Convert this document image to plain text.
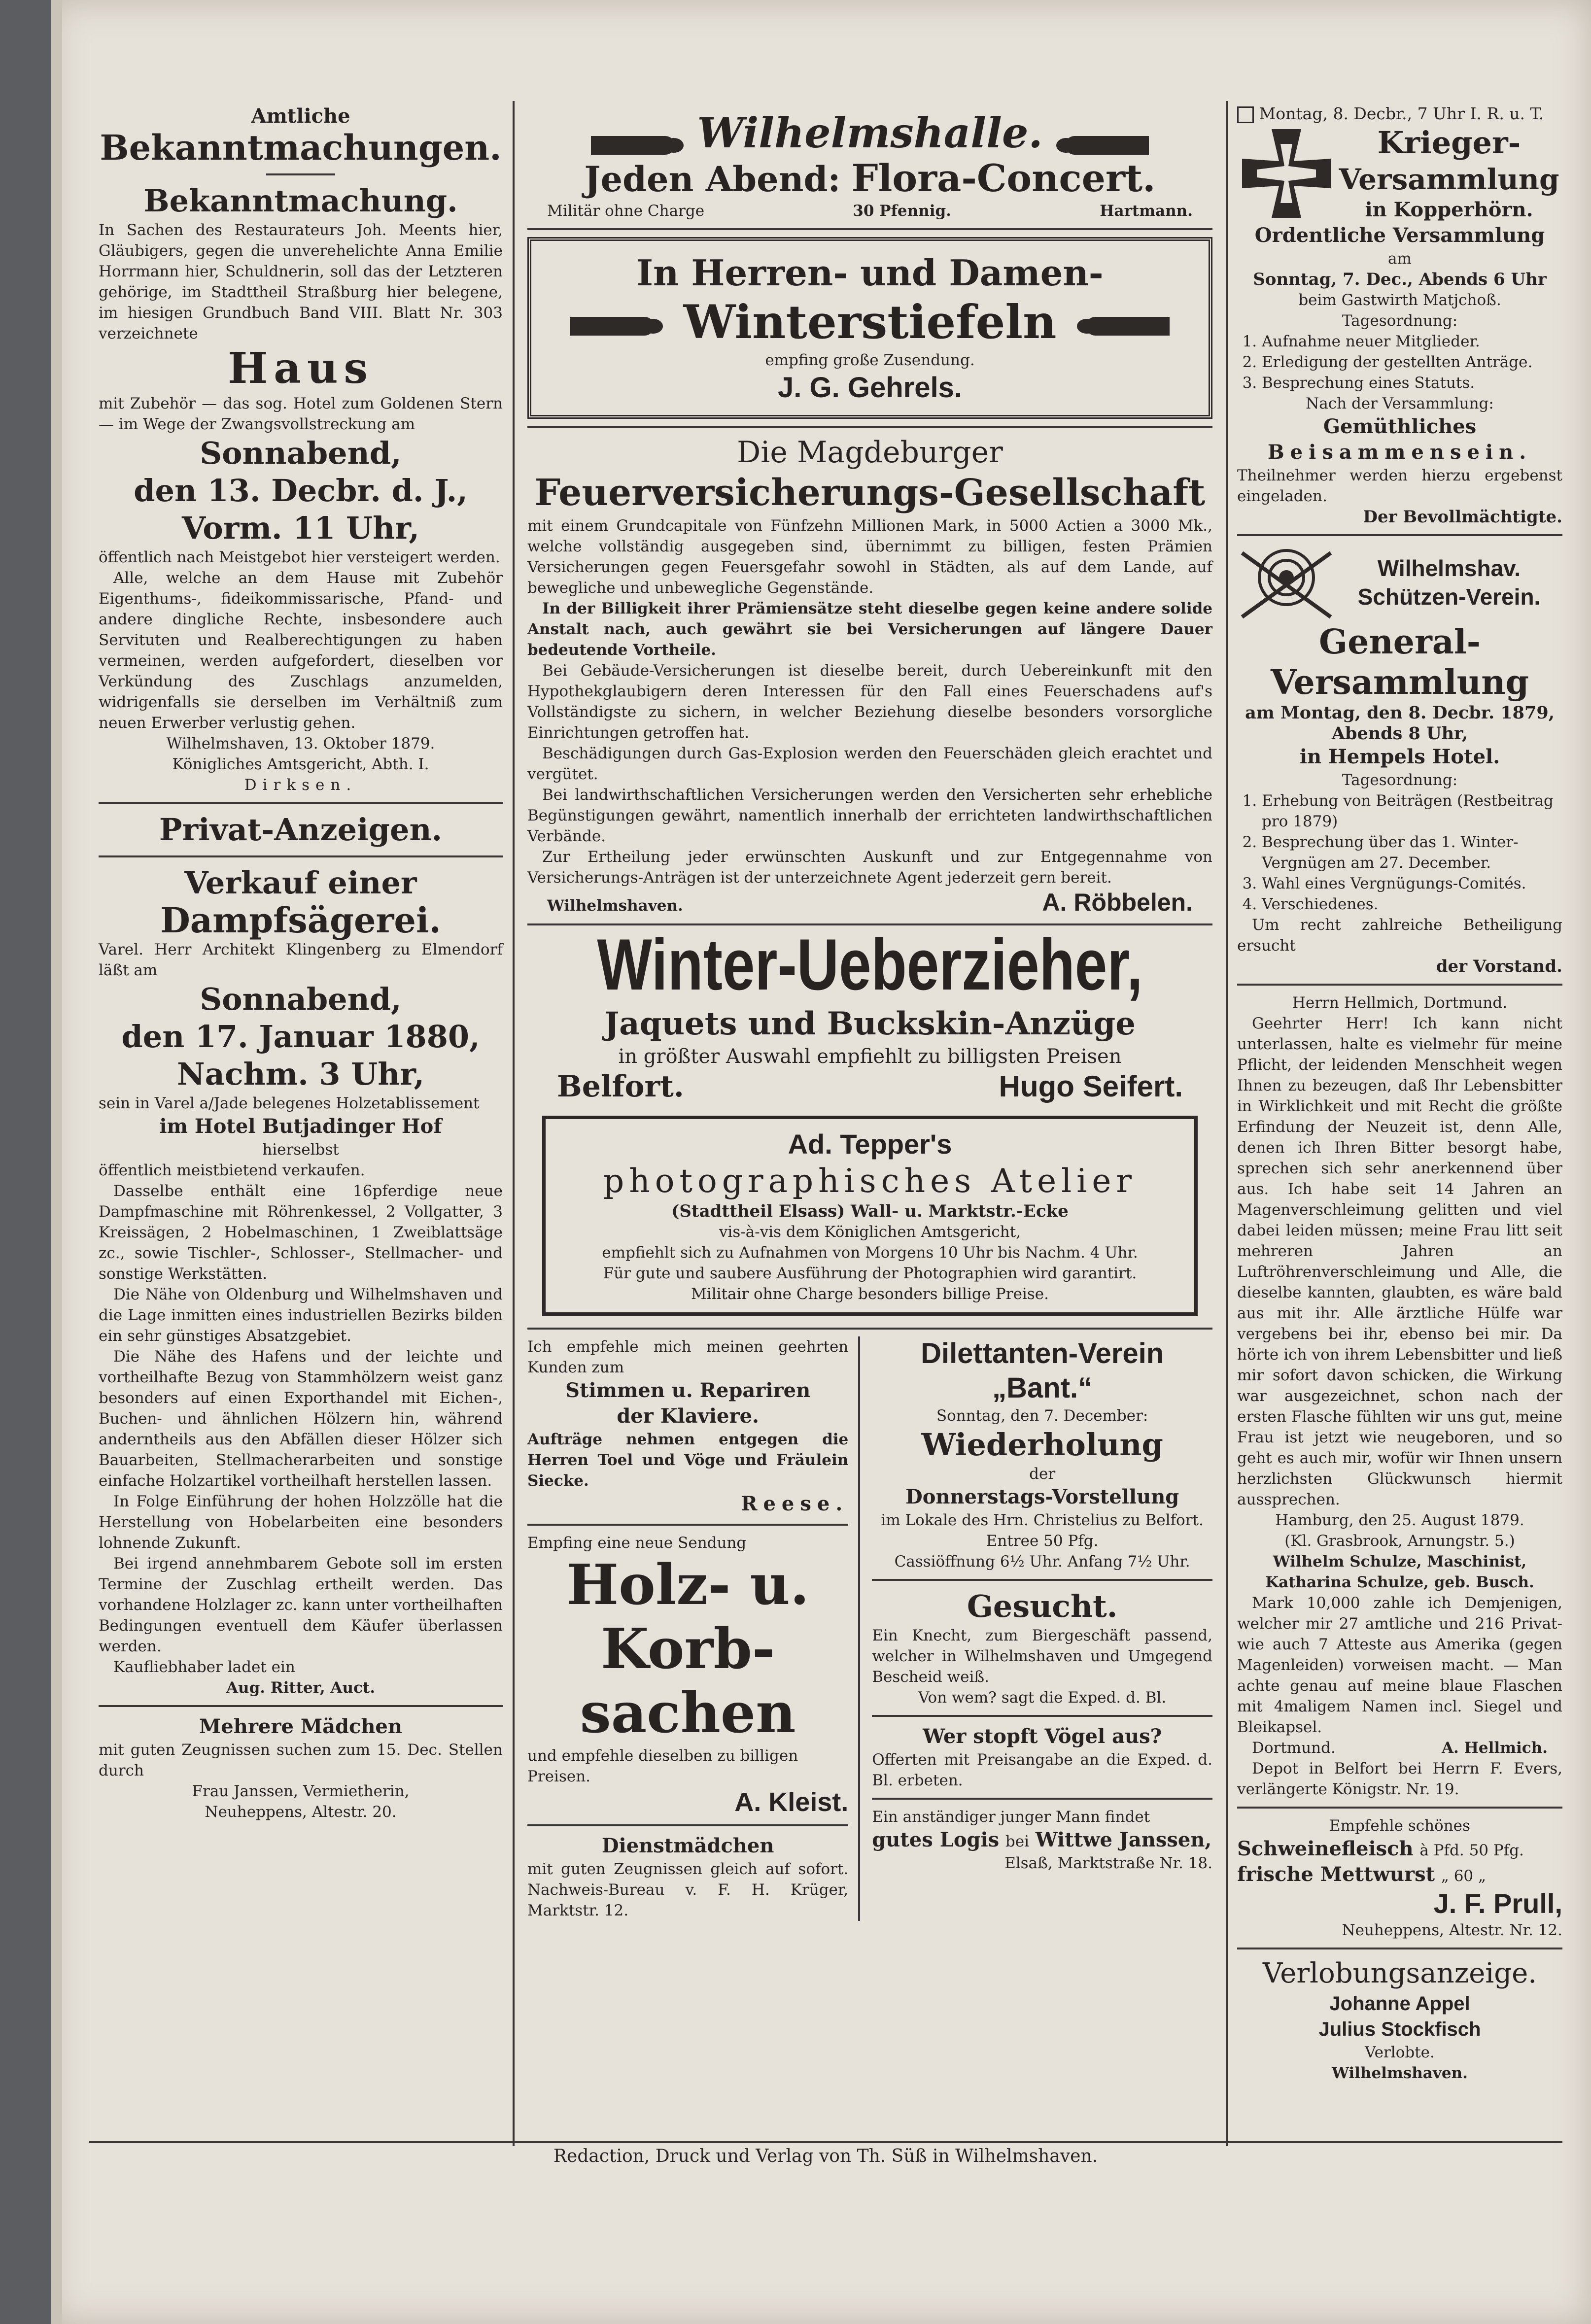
Amtliche

Bekanntmachungen.

Bekanntmachung.

In Sachen des Restaurateurs Joh. Meents hier, Gläubigers, gegen die unverehelichte Anna Emilie Horrmann hier, Schuldnerin, soll das der Letzteren gehörige, im Stadttheil Straßburg hier belegene, im hiesigen Grundbuch Band VIII. Blatt Nr. 303 verzeichnete

Haus

mit Zubehör — das sog. Hotel zum Goldenen Stern — im Wege der Zwangsvollstreckung am

Sonnabend,

den 13. Decbr. d. J.,

Vorm. 11 Uhr,

öffentlich nach Meistgebot hier versteigert werden.

Alle, welche an dem Hause mit Zubehör Eigenthums-, fideikommissarische, Pfand- und andere dingliche Rechte, insbesondere auch Servituten und Realberechtigungen zu haben vermeinen, werden aufgefordert, dieselben vor Verkündung des Zuschlags anzumelden, widrigenfalls sie derselben im Verhältniß zum neuen Erwerber verlustig gehen.

Wilhelmshaven, 13. Oktober 1879.

Königliches Amtsgericht, Abth. I.

Dirksen.

Privat-Anzeigen.

Verkauf einer

Dampfsägerei.

Varel. Herr Architekt Klingenberg zu Elmendorf läßt am

Sonnabend,

den 17. Januar 1880,

Nachm. 3 Uhr,

sein in Varel a/Jade belegenes Holzetablissement

im Hotel Butjadinger Hof

hierselbst

öffentlich meistbietend verkaufen.

Dasselbe enthält eine 16pferdige neue Dampfmaschine mit Röhrenkessel, 2 Vollgatter, 3 Kreissägen, 2 Hobelmaschinen, 1 Zweiblattsäge zc., sowie Tischler-, Schlosser-, Stellmacher- und sonstige Werkstätten.

Die Nähe von Oldenburg und Wilhelmshaven und die Lage inmitten eines industriellen Bezirks bilden ein sehr günstiges Absatzgebiet.

Die Nähe des Hafens und der leichte und vortheilhafte Bezug von Stammhölzern weist ganz besonders auf einen Exporthandel mit Eichen-, Buchen- und ähnlichen Hölzern hin, während anderntheils aus den Abfällen dieser Hölzer sich Bauarbeiten, Stellmacherarbeiten und sonstige einfache Holzartikel vortheilhaft herstellen lassen.

In Folge Einführung der hohen Holzzölle hat die Herstellung von Hobelarbeiten eine besonders lohnende Zukunft.

Bei irgend annehmbarem Gebote soll im ersten Termine der Zuschlag ertheilt werden. Das vorhandene Holzlager zc. kann unter vortheilhaften Bedingungen eventuell dem Käufer überlassen werden.

Kaufliebhaber ladet ein

Aug. Ritter, Auct.

Mehrere Mädchen

mit guten Zeugnissen suchen zum 15. Dec. Stellen durch

Frau Janssen, Vermietherin,

Neuheppens, Altestr. 20.

Wilhelmshalle.

Jeden Abend: Flora-Concert.

Militär ohne Charge	30 Pfennig.	Hartmann.

In Herren- und Damen-

Winterstiefeln

empfing große Zusendung.

J. G. Gehrels.

Die Magdeburger

Feuerversicherungs-Gesellschaft

mit einem Grundcapitale von Fünfzehn Millionen Mark, in 5000 Actien a 3000 Mk., welche vollständig ausgegeben sind, übernimmt zu billigen, festen Prämien Versicherungen gegen Feuersgefahr sowohl in Städten, als auf dem Lande, auf bewegliche und unbewegliche Gegenstände.

In der Billigkeit ihrer Prämiensätze steht dieselbe gegen keine andere solide Anstalt nach, auch gewährt sie bei Versicherungen auf längere Dauer bedeutende Vortheile.

Bei Gebäude-Versicherungen ist dieselbe bereit, durch Uebereinkunft mit den Hypothekglaubigern deren Interessen für den Fall eines Feuerschadens auf's Vollständigste zu sichern, in welcher Beziehung dieselbe besonders vorsorgliche Einrichtungen getroffen hat.

Beschädigungen durch Gas-Explosion werden den Feuerschäden gleich erachtet und vergütet.

Bei landwirthschaftlichen Versicherungen werden den Versicherten sehr erhebliche Begünstigungen gewährt, namentlich innerhalb der errichteten landwirthschaftlichen Verbände.

Zur Ertheilung jeder erwünschten Auskunft und zur Entgegennahme von Versicherungs-Anträgen ist der unterzeichnete Agent jederzeit gern bereit.

Wilhelmshaven.	A. Röbbelen.

Winter-Ueberzieher,

Jaquets und Buckskin-Anzüge

in größter Auswahl empfiehlt zu billigsten Preisen

Belfort.	Hugo Seifert.

Ad. Tepper's

photographisches Atelier

(Stadttheil Elsass) Wall- u. Marktstr.-Ecke

vis-à-vis dem Königlichen Amtsgericht,

empfiehlt sich zu Aufnahmen von Morgens 10 Uhr bis Nachm. 4 Uhr.

Für gute und saubere Ausführung der Photographien wird garantirt.

Militair ohne Charge besonders billige Preise.

Ich empfehle mich meinen geehrten Kunden zum

Stimmen u. Repariren

der Klaviere.

Aufträge nehmen entgegen die Herren Toel und Vöge und Fräulein Siecke.

Reese.

Empfing eine neue Sendung

Holz- u. Korb-

sachen

und empfehle dieselben zu billigen Preisen.

A. Kleist.

Dienstmädchen

mit guten Zeugnissen gleich auf sofort. Nachweis-Bureau v. F. H. Krüger, Marktstr. 12.

Dilettanten-Verein

„Bant.“

Sonntag, den 7. December:

Wiederholung

der

Donnerstags-Vorstellung

im Lokale des Hrn. Christelius zu Belfort.

Entree 50 Pfg.

Cassiöffnung 6½ Uhr. Anfang 7½ Uhr.

Gesucht.

Ein Knecht, zum Biergeschäft passend, welcher in Wilhelmshaven und Umgegend Bescheid weiß.

Von wem? sagt die Exped. d. Bl.

Wer stopft Vögel aus?

Offerten mit Preisangabe an die Exped. d. Bl. erbeten.

Ein anständiger junger Mann findet

gutes Logis bei Wittwe Janssen,

Elsaß, Marktstraße Nr. 18.

Montag, 8. Decbr., 7 Uhr I. R. u. T.

Krieger-

Versammlung

in Kopperhörn.

Ordentliche Versammlung

am

Sonntag, 7. Dec., Abends 6 Uhr

beim Gastwirth Matjchoß.

Tagesordnung:

1. Aufnahme neuer Mitglieder.
2. Erledigung der gestellten Anträge.
3. Besprechung eines Statuts.

Nach der Versammlung:

Gemüthliches

Beisammensein.

Theilnehmer werden hierzu ergebenst eingeladen.

Der Bevollmächtigte.

Wilhelmshav.

Schützen-Verein.

General-

Versammlung

am Montag, den 8. Decbr. 1879,

Abends 8 Uhr,

in Hempels Hotel.

Tagesordnung:

1. Erhebung von Beiträgen (Restbeitrag pro 1879)
2. Besprechung über das 1. Winter-Vergnügen am 27. December.
3. Wahl eines Vergnügungs-Comités.
4. Verschiedenes.

Um recht zahlreiche Betheiligung ersucht

der Vorstand.

Herrn Hellmich, Dortmund.

Geehrter Herr! Ich kann nicht unterlassen, halte es vielmehr für meine Pflicht, der leidenden Menschheit wegen Ihnen zu bezeugen, daß Ihr Lebensbitter in Wirklichkeit und mit Recht die größte Erfindung der Neuzeit ist, denn Alle, denen ich Ihren Bitter besorgt habe, sprechen sich sehr anerkennend über aus. Ich habe seit 14 Jahren an Magenverschleimung gelitten und viel dabei leiden müssen; meine Frau litt seit mehreren Jahren an Luftröhrenverschleimung und Alle, die dieselbe kannten, glaubten, es wäre bald aus mit ihr. Alle ärztliche Hülfe war vergebens bei ihr, ebenso bei mir. Da hörte ich von ihrem Lebensbitter und ließ mir sofort davon schicken, die Wirkung war ausgezeichnet, schon nach der ersten Flasche fühlten wir uns gut, meine Frau ist jetzt wie neugeboren, und so geht es auch mir, wofür wir Ihnen unsern herzlichsten Glückwunsch hiermit aussprechen.

Hamburg, den 25. August 1879.

(Kl. Grasbrook, Arnungstr. 5.)

Wilhelm Schulze, Maschinist,

Katharina Schulze, geb. Busch.

Mark 10,000 zahle ich Demjenigen, welcher mir 27 amtliche und 216 Privat- wie auch 7 Atteste aus Amerika (gegen Magenleiden) vorweisen macht. — Man achte genau auf meine blaue Flaschen mit 4maligem Namen incl. Siegel und Bleikapsel.

Dortmund.	A. Hellmich.

Depot in Belfort bei Herrn F. Evers, verlängerte Königstr. Nr. 19.

Empfehle schönes

Schweinefleisch à Pfd. 50 Pfg.

frische Mettwurst „ 60 „

J. F. Prull,

Neuheppens, Altestr. Nr. 12.

Verlobungsanzeige.

Johanne Appel

Julius Stockfisch

Verlobte.

Wilhelmshaven.

Redaction, Druck und Verlag von Th. Süß in Wilhelmshaven.
